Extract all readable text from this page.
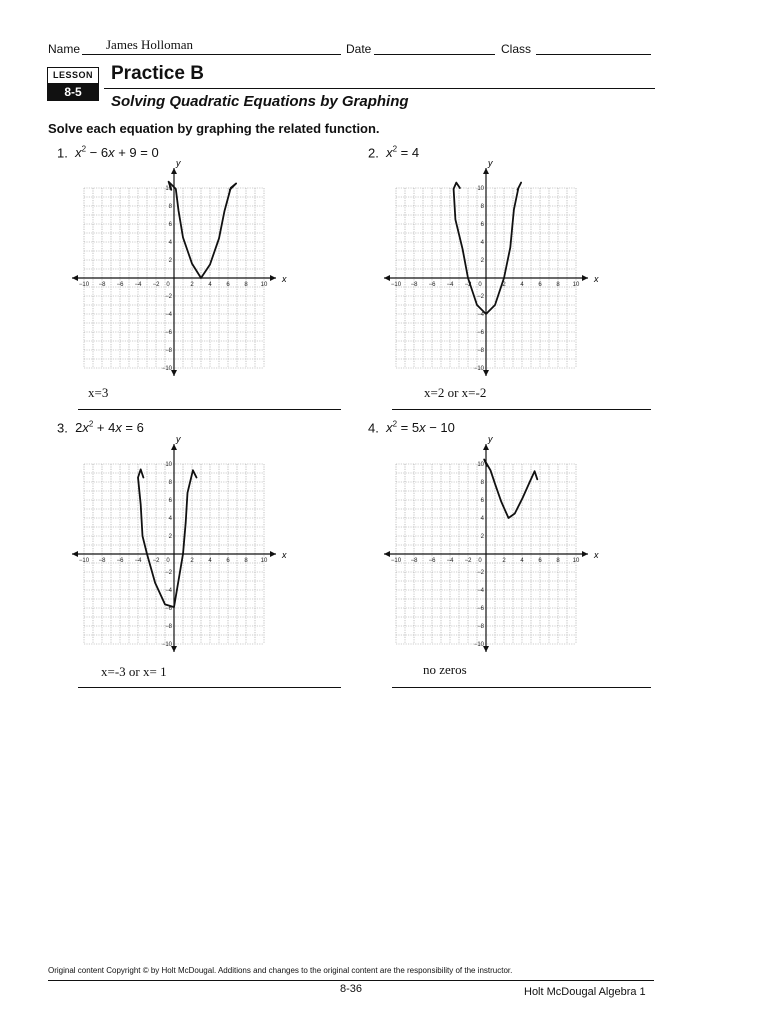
Name James Holloman	Date	Class
LESSON
8-5
Practice B
Solving Quadratic Equations by Graphing
Solve each equation by graphing the related function.
1. $x^2 - 6x + 9 = 0$
x
y
−10 −8 −6 −4 −2 0	2 4 6 8 10
10
8
6
4
2
−2
−4
−6
−8
−10
x=3
2. $x^2 = 4$
x
y
−10 −8 −6 −4 −2 0	2 4 6 8 10
10
8
6
4
2
−2
−4
−6
−8
−10
x=2 or x=-2
3.  $2x^2 + 4x = 6$
x
y
−10 −8 −6 −4 −2 0	2 4 6 8 10
10
8
6
4
2
−2
−4
−6
−8
−10
x=-3 or x= 1
4. $x^2 = 5x - 10$
x
y
−10 −8 −6 −4 −2 0	2 4 6 8 10
10
8
6
4
2
−2
−4
−6
−8
−10
no zeros
Original content Copyright © by Holt McDougal. Additions and changes to the original content are the responsibility of the instructor.
8-36	Holt McDougal Algebra 1
